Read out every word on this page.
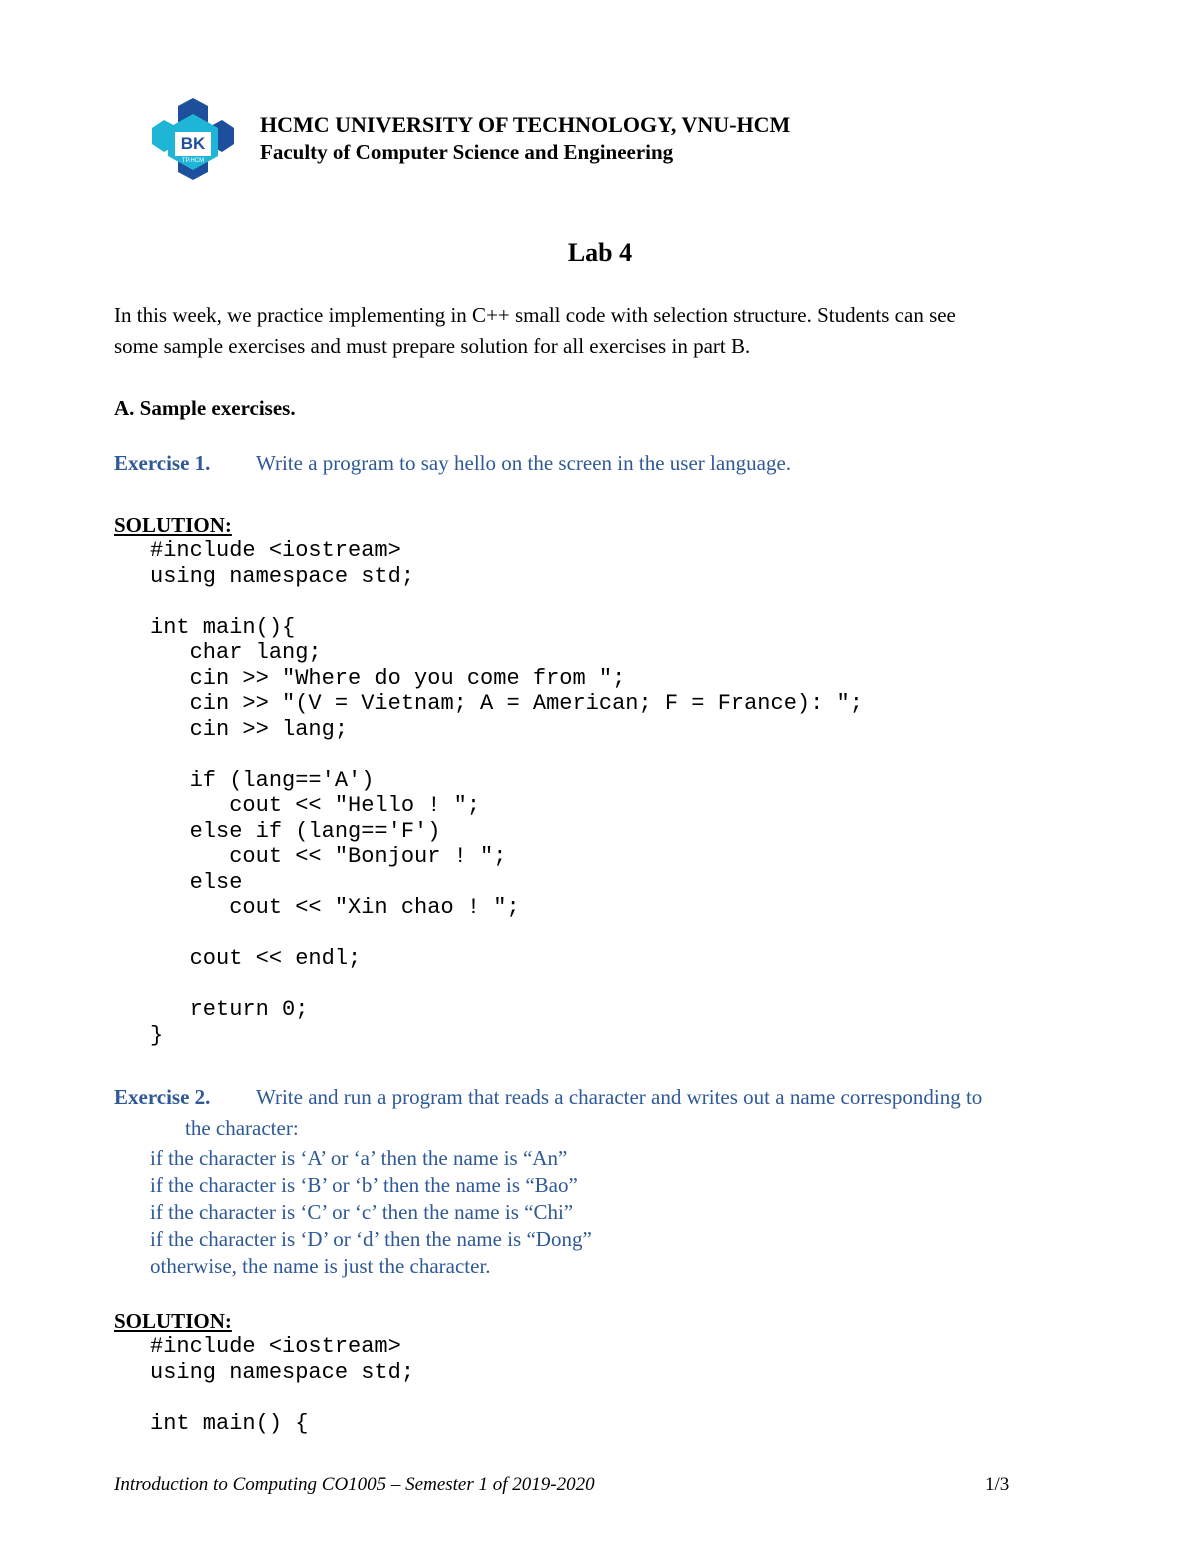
BK
TP.HCM
HCMC UNIVERSITY OF TECHNOLOGY, VNU-HCM
Faculty of Computer Science and Engineering
Lab 4
In this week, we practice implementing in C++ small code with selection structure. Students can see
some sample exercises and must prepare solution for all exercises in part B.
A. Sample exercises.
Exercise 1. Write a program to say hello on the screen in the user language.
SOLUTION:
#include <iostream>
using namespace std;

int main(){
char lang;
cin >> "Where do you come from ";
cin >> "(V = Vietnam; A = American; F = France): ";
cin >> lang;

if (lang=='A')
cout << "Hello ! ";
else if (lang=='F')
cout << "Bonjour ! ";
else
cout << "Xin chao ! ";

cout << endl;

return 0;
}
Exercise 2. Write and run a program that reads a character and writes out a name corresponding to
the character:
if the character is ‘A’ or ‘a’ then the name is “An”
if the character is ‘B’ or ‘b’ then the name is “Bao”
if the character is ‘C’ or ‘c’ then the name is “Chi”
if the character is ‘D’ or ‘d’ then the name is “Dong”
otherwise, the name is just the character.
SOLUTION:
#include <iostream>
using namespace std;

int main() {
Introduction to Computing CO1005 – Semester 1 of 2019-2020	1/3
